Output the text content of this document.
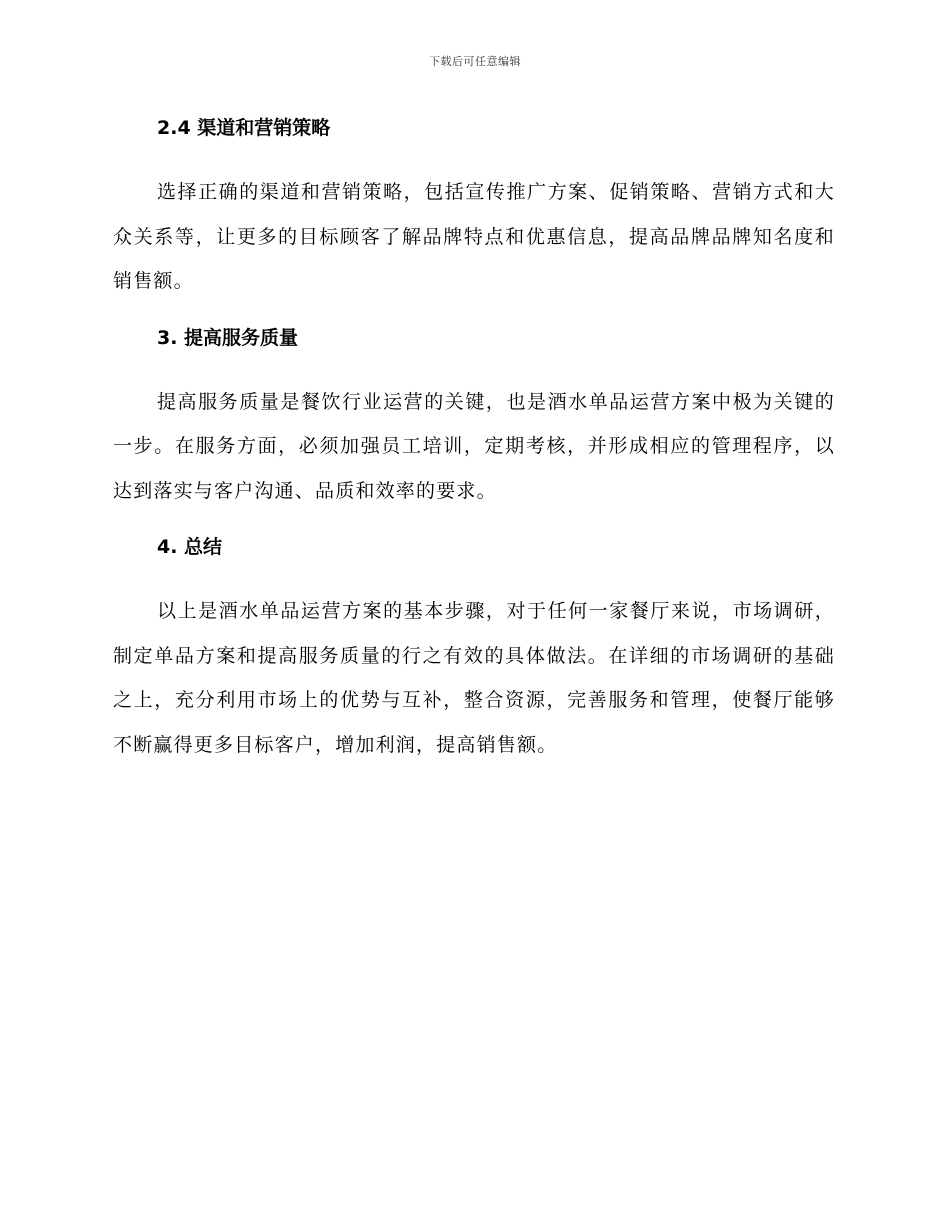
下载后可任意编辑
2.4 渠道和营销策略

选择正确的渠道和营销策略，包括宣传推广方案、促销策略、营销方式和大众关系等，让更多的目标顾客了解品牌特点和优惠信息，提高品牌品牌知名度和销售额。

3. 提高服务质量

提高服务质量是餐饮行业运营的关键，也是酒水单品运营方案中极为关键的一步。在服务方面，必须加强员工培训，定期考核，并形成相应的管理程序，以达到落实与客户沟通、品质和效率的要求。

4. 总结

以上是酒水单品运营方案的基本步骤，对于任何一家餐厅来说，市场调研，制定单品方案和提高服务质量的行之有效的具体做法。在详细的市场调研的基础之上，充分利用市场上的优势与互补，整合资源，完善服务和管理，使餐厅能够不断赢得更多目标客户，增加利润，提高销售额。
